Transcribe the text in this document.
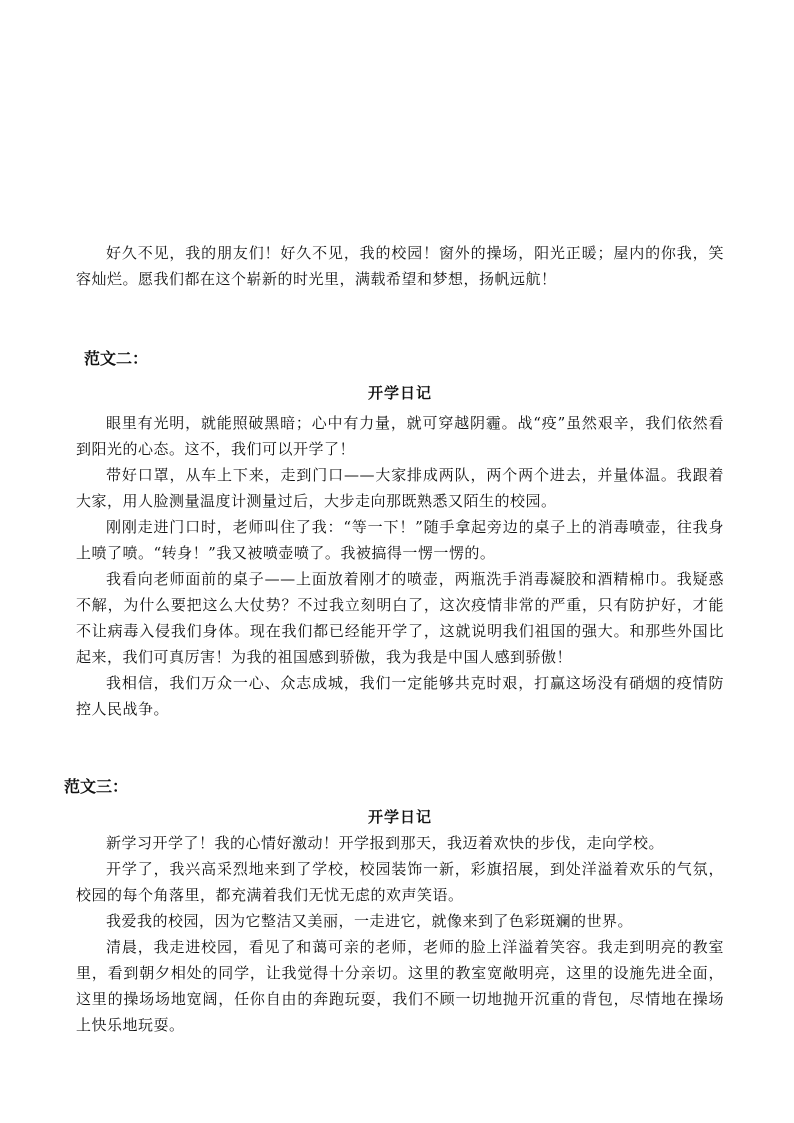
好久不见，我的朋友们！好久不见，我的校园！窗外的操场，阳光正暖；屋内的你我，笑容灿烂。愿我们都在这个崭新的时光里，满载希望和梦想，扬帆远航！

范文二：
开学日记

眼里有光明，就能照破黑暗；心中有力量，就可穿越阴霾。战“疫”虽然艰辛，我们依然看到阳光的心态。这不，我们可以开学了！

带好口罩，从车上下来，走到门口——大家排成两队，两个两个进去，并量体温。我跟着大家，用人脸测量温度计测量过后，大步走向那既熟悉又陌生的校园。

刚刚走进门口时，老师叫住了我：“等一下！”随手拿起旁边的桌子上的消毒喷壶，往我身上喷了喷。“转身！”我又被喷壶喷了。我被搞得一愣一愣的。

我看向老师面前的桌子——上面放着刚才的喷壶，两瓶洗手消毒凝胶和酒精棉巾。我疑惑不解，为什么要把这么大仗势？不过我立刻明白了，这次疫情非常的严重，只有防护好，才能不让病毒入侵我们身体。现在我们都已经能开学了，这就说明我们祖国的强大。和那些外国比起来，我们可真厉害！为我的祖国感到骄傲，我为我是中国人感到骄傲！

我相信，我们万众一心、众志成城，我们一定能够共克时艰，打赢这场没有硝烟的疫情防控人民战争。

范文三：
开学日记

新学习开学了！我的心情好激动！开学报到那天，我迈着欢快的步伐，走向学校。

开学了，我兴高采烈地来到了学校，校园装饰一新，彩旗招展，到处洋溢着欢乐的气氛，校园的每个角落里，都充满着我们无忧无虑的欢声笑语。

我爱我的校园，因为它整洁又美丽，一走进它，就像来到了色彩斑斓的世界。

清晨，我走进校园，看见了和蔼可亲的老师，老师的脸上洋溢着笑容。我走到明亮的教室里，看到朝夕相处的同学，让我觉得十分亲切。这里的教室宽敞明亮，这里的设施先进全面，这里的操场场地宽阔，任你自由的奔跑玩耍，我们不顾一切地抛开沉重的背包，尽情地在操场上快乐地玩耍。
